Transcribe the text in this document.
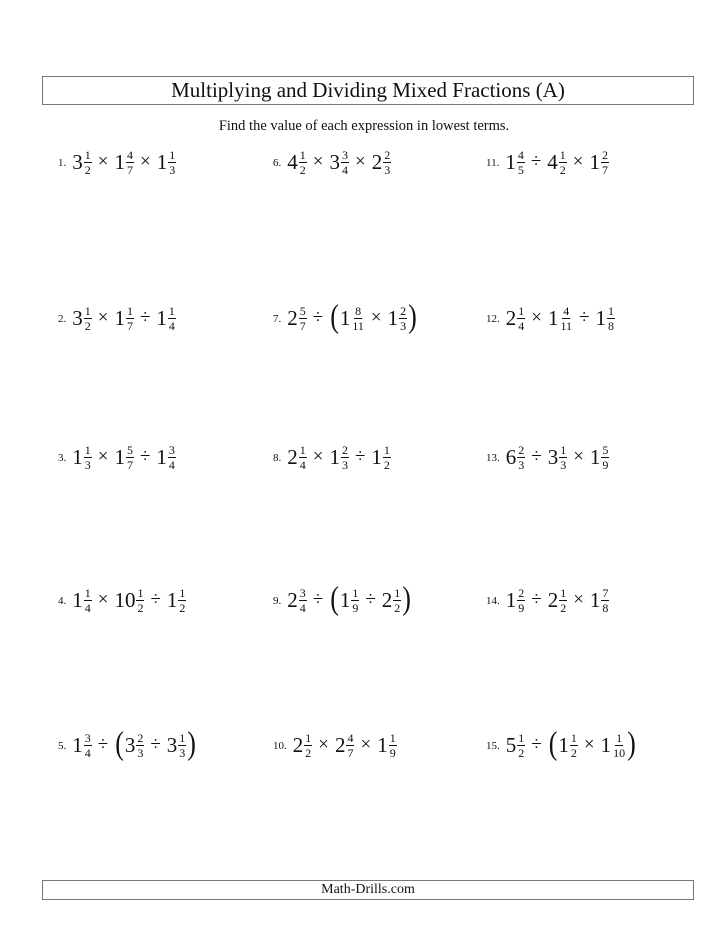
Multiplying and Dividing Mixed Fractions (A)
Find the value of each expression in lowest terms.
1. $3 \frac{1}{2} \times 1 \frac{4}{7} \times 1 \frac{1}{3}$
2. $3 \frac{1}{2} \times 1 \frac{1}{7} \div 1 \frac{1}{4}$
3. $1 \frac{1}{3} \times 1 \frac{5}{7} \div 1 \frac{3}{4}$
4. $1 \frac{1}{4} \times 10 \frac{1}{2} \div 1 \frac{1}{2}$
5. $1 \frac{3}{4}$ ÷ ( $3 \frac{2}{3} \div 3 \frac{1}{3}$ )
6. $4 \frac{1}{2} \times 3 \frac{3}{4} \times 2 \frac{2}{3}$
7. $2 \frac{5}{7}$ ÷ ( $1 \frac{8}{11} \times 1 \frac{2}{3}$ )
8. $2 \frac{1}{4} \times 1 \frac{2}{3} \div 1 \frac{1}{2}$
9. $2 \frac{3}{4}$ ÷ ( $1 \frac{1}{9} \div 2 \frac{1}{2}$ )
10. $2 \frac{1}{2} \times 2 \frac{4}{7} \times 1 \frac{1}{9}$
11. $1 \frac{4}{5} \div 4 \frac{1}{2} \times 1 \frac{2}{7}$
12. $2 \frac{1}{4} \times 1 \frac{4}{11} \div 1 \frac{1}{8}$
13. $6 \frac{2}{3} \div 3 \frac{1}{3} \times 1 \frac{5}{9}$
14. $1 \frac{2}{9} \div 2 \frac{1}{2} \times 1 \frac{7}{8}$
15. $5 \frac{1}{2}$ ÷ ( $1 \frac{1}{2} \times 1 \frac{1}{10}$ )
Math-Drills.com
